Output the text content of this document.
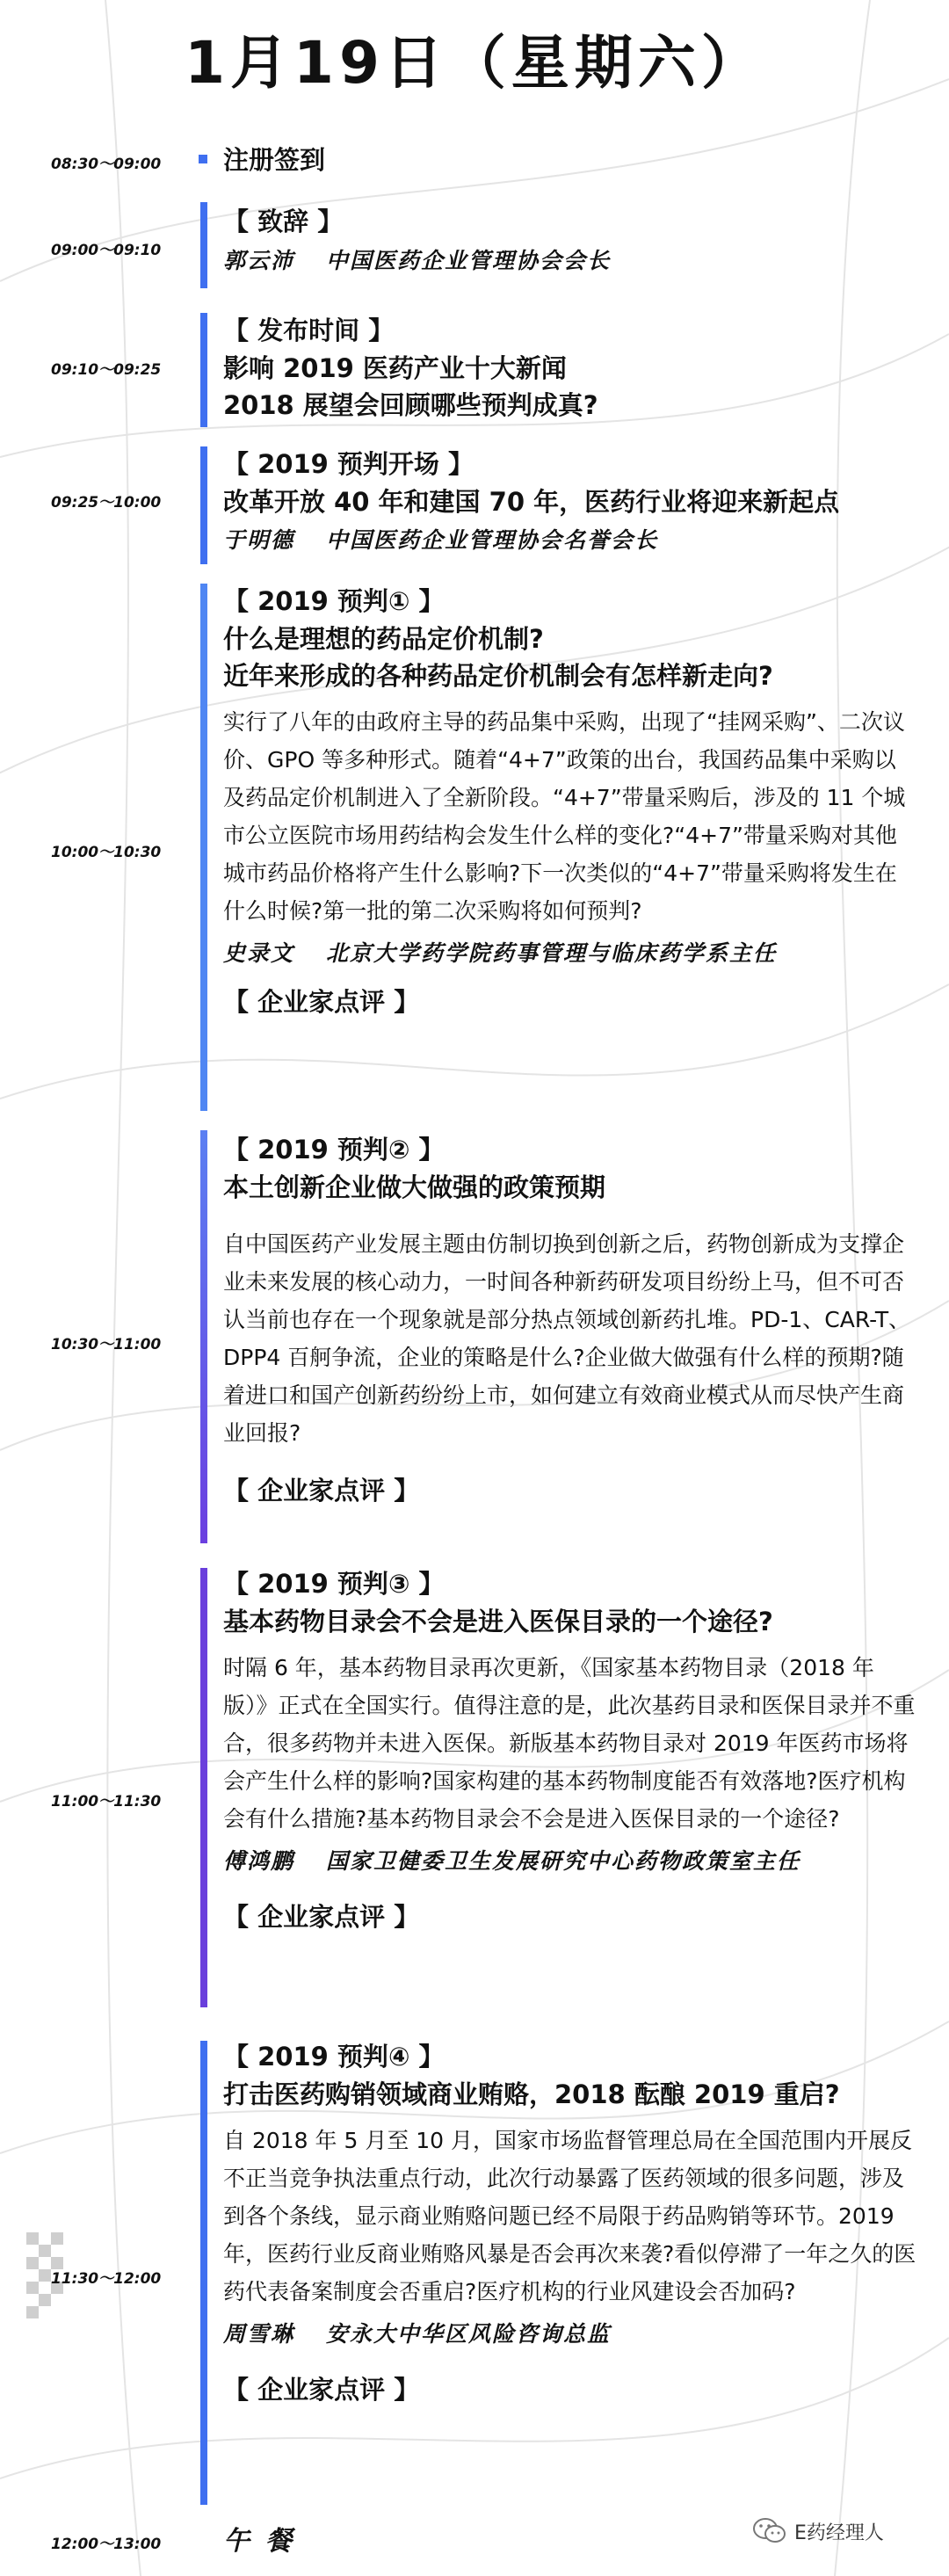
1月19日（星期六）
08:30～09:00	注册签到
09:00～09:10
【 致辞 】
郭云沛 中国医药企业管理协会会长
09:10～09:25
【 发布时间 】
影响 2019 医药产业十大新闻
2018 展望会回顾哪些预判成真?
09:25～10:00
【 2019 预判开场 】
改革开放 40 年和建国 70 年，医药行业将迎来新起点
于明德 中国医药企业管理协会名誉会长
10:00～10:30
【 2019 预判① 】
什么是理想的药品定价机制?
近年来形成的各种药品定价机制会有怎样新走向?
实行了八年的由政府主导的药品集中采购，出现了“挂网采购”、二次议价、GPO 等多种形式。随着“4+7”政策的出台，我国药品集中采购以及药品定价机制进入了全新阶段。“4+7”带量采购后，涉及的 11 个城市公立医院市场用药结构会发生什么样的变化?“4+7”带量采购对其他城市药品价格将产生什么影响?下一次类似的“4+7”带量采购将发生在什么时候?第一批的第二次采购将如何预判?
史录文 北京大学药学院药事管理与临床药学系主任
【 企业家点评 】
10:30～11:00
【 2019 预判② 】
本土创新企业做大做强的政策预期
自中国医药产业发展主题由仿制切换到创新之后，药物创新成为支撑企业未来发展的核心动力，一时间各种新药研发项目纷纷上马，但不可否认当前也存在一个现象就是部分热点领域创新药扎堆。PD-1、CAR-T、DPP4 百舸争流，企业的策略是什么?企业做大做强有什么样的预期?随着进口和国产创新药纷纷上市，如何建立有效商业模式从而尽快产生商业回报?
【 企业家点评 】
11:00～11:30
【 2019 预判③ 】
基本药物目录会不会是进入医保目录的一个途径?
时隔 6 年，基本药物目录再次更新，《国家基本药物目录（2018 年版）》正式在全国实行。值得注意的是，此次基药目录和医保目录并不重合，很多药物并未进入医保。新版基本药物目录对 2019 年医药市场将会产生什么样的影响?国家构建的基本药物制度能否有效落地?医疗机构会有什么措施?基本药物目录会不会是进入医保目录的一个途径?
傅鸿鹏 国家卫健委卫生发展研究中心药物政策室主任
【 企业家点评 】
11:30～12:00
【 2019 预判④ 】
打击医药购销领域商业贿赂，2018 酝酿 2019 重启?
自 2018 年 5 月至 10 月，国家市场监督管理总局在全国范围内开展反不正当竞争执法重点行动，此次行动暴露了医药领域的很多问题，涉及到各个条线，显示商业贿赂问题已经不局限于药品购销等环节。2019 年，医药行业反商业贿赂风暴是否会再次来袭?看似停滞了一年之久的医药代表备案制度会否重启?医疗机构的行业风建设会否加码?
周雪琳 安永大中华区风险咨询总监
【 企业家点评 】
12:00～13:00 午餐	E药经理人
